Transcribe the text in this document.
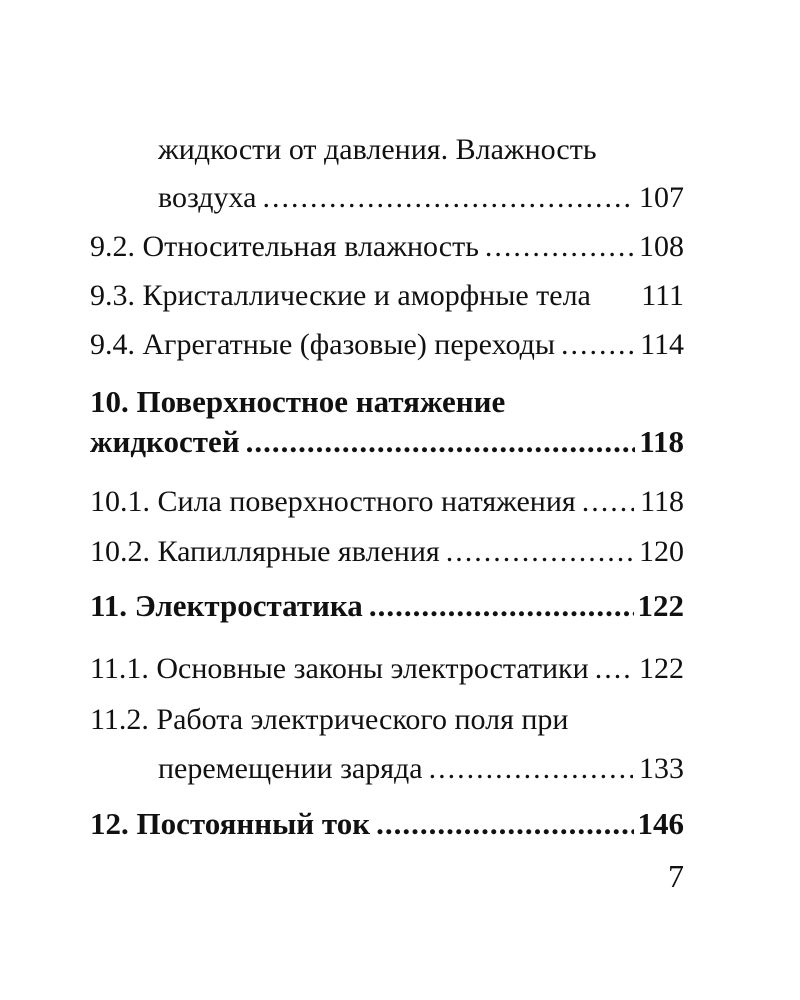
жидкости от давления. Влажность
воздуха .....	107
9.2. Относительная влажность .....	108
9.3. Кристаллические и аморфные тела 111
9.4. Агрегатные (фазовые) переходы .....	114
10. Поверхностное натяжение
жидкостей .....	118
10.1. Сила поверхностного натяжения ..... 118
10.2. Капиллярные явления .....	120
11. Электростатика .....	122
11.1. Основные законы электростатики ..... 122
11.2. Работа электрического поля при
перемещении заряда .....	133
12. Постоянный ток .....	146
7
